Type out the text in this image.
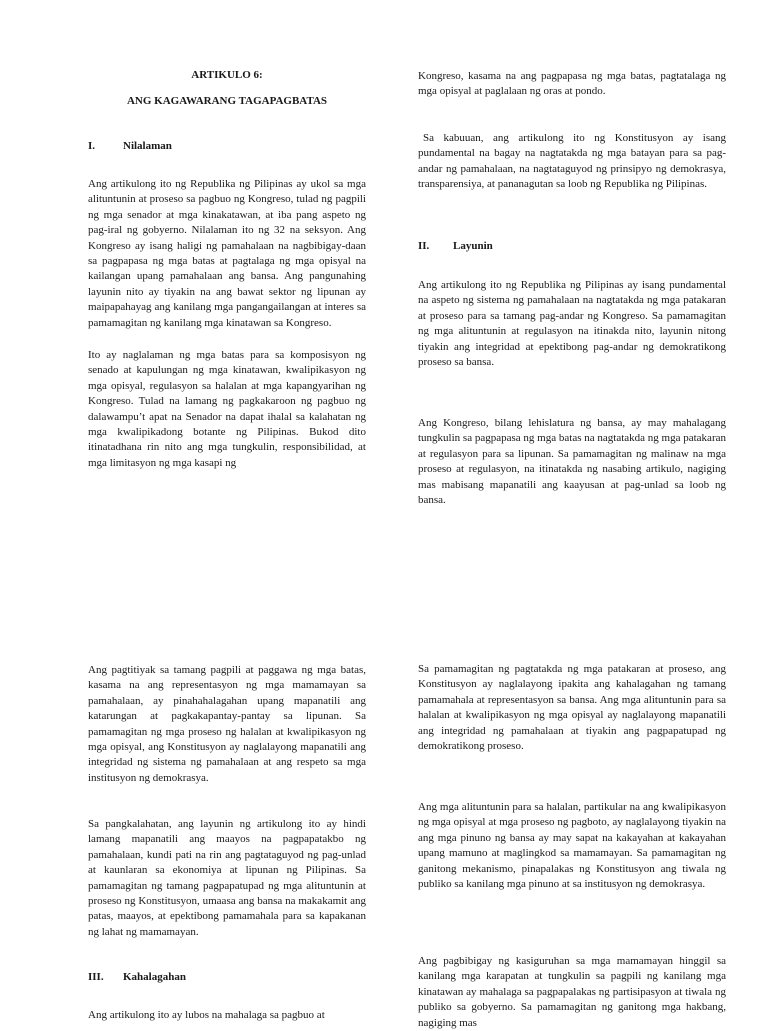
ARTIKULO 6:
ANG KAGAWARANG TAGAPAGBATAS
I.	Nilalaman

Ang artikulong ito ng Republika ng Pilipinas ay ukol sa mga alituntunin at proseso sa pagbuo ng Kongreso, tulad ng pagpili ng mga senador at mga kinakatawan, at iba pang aspeto ng pag-iral ng gobyerno. Nilalaman ito ng 32 na seksyon. Ang Kongreso ay isang haligi ng pamahalaan na nagbibigay-daan sa pagpapasa ng mga batas at pagtalaga ng mga opisyal na kailangan upang pamahalaan ang bansa. Ang pangunahing layunin nito ay tiyakin na ang bawat sektor ng lipunan ay maipapahayag ang kanilang mga pangangailangan at interes sa pamamagitan ng kanilang mga kinatawan sa Kongreso.

Ito ay naglalaman ng mga batas para sa komposisyon ng senado at kapulungan ng mga kinatawan, kwalipikasyon ng mga opisyal, regulasyon sa halalan at mga kapangyarihan ng Kongreso. Tulad na lamang ng pagkakaroon ng pagbuo ng dalawampu’t apat na Senador na dapat ihalal sa kalahatan ng mga kwalipikadong botante ng Pilipinas. Bukod dito itinatadhana rin nito ang mga tungkulin, responsibilidad, at mga limitasyon ng mga kasapi ng

Kongreso, kasama na ang pagpapasa ng mga batas, pagtatalaga ng mga opisyal at paglalaan ng oras at pondo.

Sa kabuuan, ang artikulong ito ng Konstitusyon ay isang pundamental na bagay na nagtatakda ng mga batayan para sa pag-andar ng pamahalaan, na nagtataguyod ng prinsipyo ng demokrasya, transparensiya, at pananagutan sa loob ng Republika ng Pilipinas.

II. Layunin

Ang artikulong ito ng Republika ng Pilipinas ay isang pundamental na aspeto ng sistema ng pamahalaan na nagtatakda ng mga patakaran at proseso para sa tamang pag-andar ng Kongreso. Sa pamamagitan ng mga alituntunin at regulasyon na itinakda nito, layunin nitong tiyakin ang integridad at epektibong pag-andar ng demokratikong proseso sa bansa.

Ang Kongreso, bilang lehislatura ng bansa, ay may mahalagang tungkulin sa pagpapasa ng mga batas na nagtatakda ng mga patakaran at regulasyon para sa lipunan. Sa pamamagitan ng malinaw na mga proseso at regulasyon, na itinatakda ng nasabing artikulo, nagiging mas mabisang mapanatili ang kaayusan at pag-unlad sa loob ng bansa.

Ang pagtitiyak sa tamang pagpili at paggawa ng mga batas, kasama na ang representasyon ng mga mamamayan sa pamahalaan, ay pinahahalagahan upang mapanatili ang katarungan at pagkakapantay-pantay sa lipunan. Sa pamamagitan ng mga proseso ng halalan at kwalipikasyon ng mga opisyal, ang Konstitusyon ay naglalayong mapanatili ang integridad ng sistema ng pamahalaan at ang respeto sa mga institusyon ng demokrasya.

Sa pangkalahatan, ang layunin ng artikulong ito ay hindi lamang mapanatili ang maayos na pagpapatakbo ng pamahalaan, kundi pati na rin ang pagtataguyod ng pag-unlad at kaunlaran sa ekonomiya at lipunan ng Pilipinas. Sa pamamagitan ng tamang pagpapatupad ng mga alituntunin at proseso ng Konstitusyon, umaasa ang bansa na makakamit ang patas, maayos, at epektibong pamamahala para sa kapakanan ng lahat ng mamamayan.

III. Kahalagahan

Ang artikulong ito ay lubos na mahalaga sa pagbuo at

Sa pamamagitan ng pagtatakda ng mga patakaran at proseso, ang Konstitusyon ay naglalayong ipakita ang kahalagahan ng tamang pamamahala at representasyon sa bansa. Ang mga alituntunin para sa halalan at kwalipikasyon ng mga opisyal ay naglalayong mapanatili ang integridad ng pamahalaan at tiyakin ang pagpapatupad ng demokratikong proseso.

Ang mga alituntunin para sa halalan, partikular na ang kwalipikasyon ng mga opisyal at mga proseso ng pagboto, ay naglalayong tiyakin na ang mga pinuno ng bansa ay may sapat na kakayahan at kakayahan upang mamuno at maglingkod sa mamamayan. Sa pamamagitan ng ganitong mekanismo, pinapalakas ng Konstitusyon ang tiwala ng publiko sa kanilang mga pinuno at sa institusyon ng demokrasya.

Ang pagbibigay ng kasiguruhan sa mga mamamayan hinggil sa kanilang mga karapatan at tungkulin sa pagpili ng kanilang mga kinatawan ay mahalaga sa pagpapalakas ng partisipasyon at tiwala ng publiko sa gobyerno. Sa pamamagitan ng ganitong mga hakbang, nagiging mas
